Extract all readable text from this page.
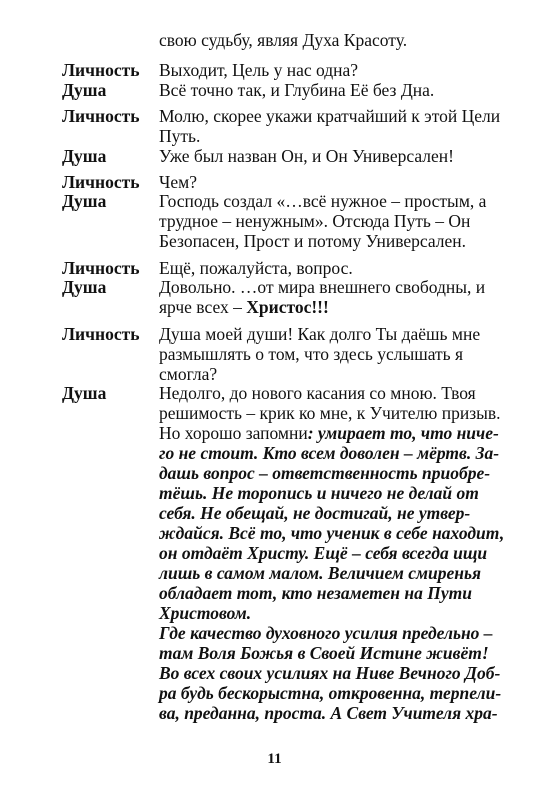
свою судьбу, являя Духа Красоту.
Личность Выходит, Цель у нас одна?
Душа	Всё точно так, и Глубина Её без Дна.
Личность Молю, скорее укажи кратчайший к этой Цели
Путь.
Душа	Уже был назван Он, и Он Универсален!
Личность Чем?
Душа	Господь создал «…всё нужное – простым, а
трудное – ненужным». Отсюда Путь – Он
Безопасен, Прост и потому Универсален.
Личность Ещё, пожалуйста, вопрос.
Душа	Довольно. …от мира внешнего свободны, и
ярче всех – Христос!!!
Личность Душа моей души! Как долго Ты даёшь мне
размышлять о том, что здесь услышать я
смогла?
Душа	Недолго, до нового касания со мною. Твоя
решимость – крик ко мне, к Учителю призыв.
Но хорошо запомни: умирает то, что ниче-
го не стоит. Кто всем доволен – мёртв. За-
дашь вопрос – ответственность приобре-
тёшь. Не торопись и ничего не делай от
себя. Не обещай, не достигай, не утвер-
ждайся. Всё то, что ученик в себе находит,
он отдаёт Христу. Ещё – себя всегда ищи
лишь в самом малом. Величием смиренья
обладает тот, кто незаметен на Пути
Христовом.
Где качество духовного усилия предельно –
там Воля Божья в Своей Истине живёт!
Во всех своих усилиях на Ниве Вечного Доб-
ра будь бескорыстна, откровенна, терпели-
ва, преданна, проста. А Свет Учителя хра-
11
